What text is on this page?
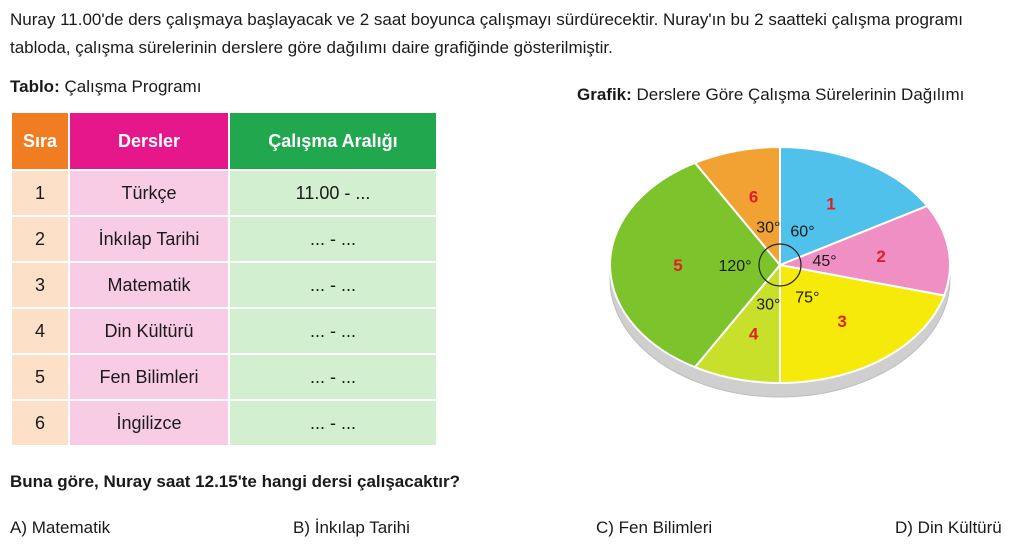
Nuray 11.00'de ders çalışmaya başlayacak ve 2 saat boyunca çalışmayı sürdürecektir. Nuray'ın bu 2 saatteki çalışma programı tabloda, çalışma sürelerinin derslere göre dağılımı daire grafiğinde gösterilmiştir.
Tablo: Çalışma Programı	Grafik: Derslere Göre Çalışma Sürelerinin Dağılımı
Sıra	Dersler	Çalışma Aralığı
1	Türkçe	11.00 - ...
2	İnkılap Tarihi	... - ...
3	Matematik	... - ...
4	Din Kültürü	... - ...
5	Fen Bilimleri	... - ...
6	İngilizce	... - ...
1
60°
2
45°
3
75°
4
30°
5 120°
6
30°
Buna göre, Nuray saat 12.15'te hangi dersi çalışacaktır?
A) Matematik	B) İnkılap Tarihi	C) Fen Bilimleri	D) Din Kültürü
